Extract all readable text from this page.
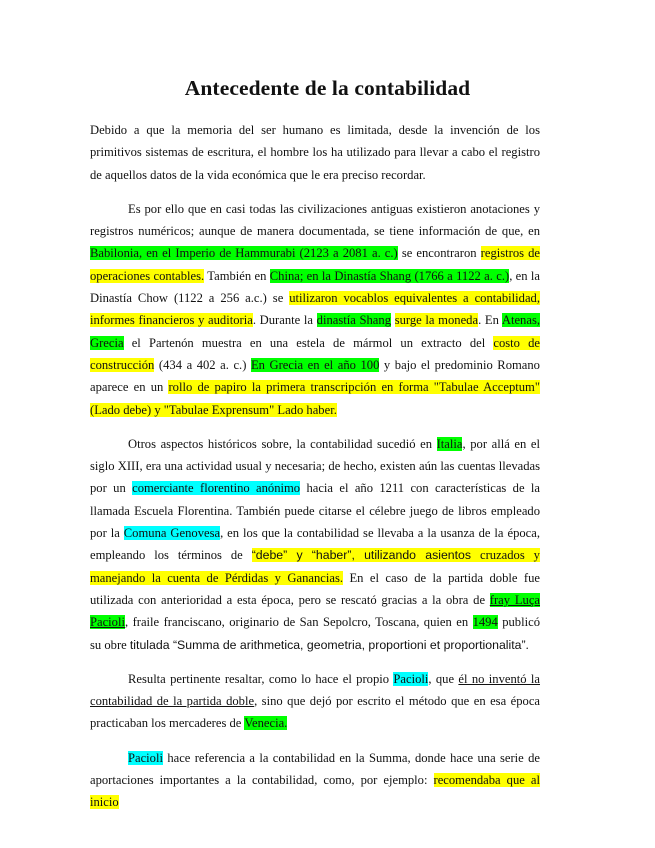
Antecedente de la contabilidad

Debido a que la memoria del ser humano es limitada, desde la invención de los primitivos sistemas de escritura, el hombre los ha utilizado para llevar a cabo el registro de aquellos datos de la vida económica que le era preciso recordar.

Es por ello que en casi todas las civilizaciones antiguas existieron anotaciones y registros numéricos; aunque de manera documentada, se tiene información de que, en Babilonia, en el Imperio de Hammurabi (2123 a 2081 a. c.) se encontraron registros de operaciones contables. También en China; en la Dinastía Shang (1766 a 1122 a. c.), en la Dinastía Chow (1122 a 256 a.c.) se utilizaron vocablos equivalentes a contabilidad, informes financieros y auditoria. Durante la dinastía Shang surge la moneda. En Atenas, Grecia el Partenón muestra en una estela de mármol un extracto del costo de construcción (434 a 402 a. c.) En Grecia en el año 100 y bajo el predominio Romano aparece en un rollo de papiro la primera transcripción en forma "Tabulae Acceptum" (Lado debe) y "Tabulae Exprensum" Lado haber.

Otros aspectos históricos sobre, la contabilidad sucedió en Italia, por allá en el siglo XIII, era una actividad usual y necesaria; de hecho, existen aún las cuentas llevadas por un comerciante florentino anónimo hacia el año 1211 con características de la llamada Escuela Florentina. También puede citarse el célebre juego de libros empleado por la Comuna Genovesa, en los que la contabilidad se llevaba a la usanza de la época, empleando los términos de “debe” y “haber”, utilizando asientos cruzados y manejando la cuenta de Pérdidas y Ganancias. En el caso de la partida doble fue utilizada con anterioridad a esta época, pero se rescató gracias a la obra de fray Luça Pacioli, fraile franciscano, originario de San Sepolcro, Toscana, quien en 1494 publicó su obre titulada “Summa de arithmetica, geometria, proportioni et proportionalita”.

Resulta pertinente resaltar, como lo hace el propio Pacioli, que él no inventó la contabilidad de la partida doble, sino que dejó por escrito el método que en esa época practicaban los mercaderes de Venecia.

Pacioli hace referencia a la contabilidad en la Summa, donde hace una serie de aportaciones importantes a la contabilidad, como, por ejemplo: recomendaba que al inicio
